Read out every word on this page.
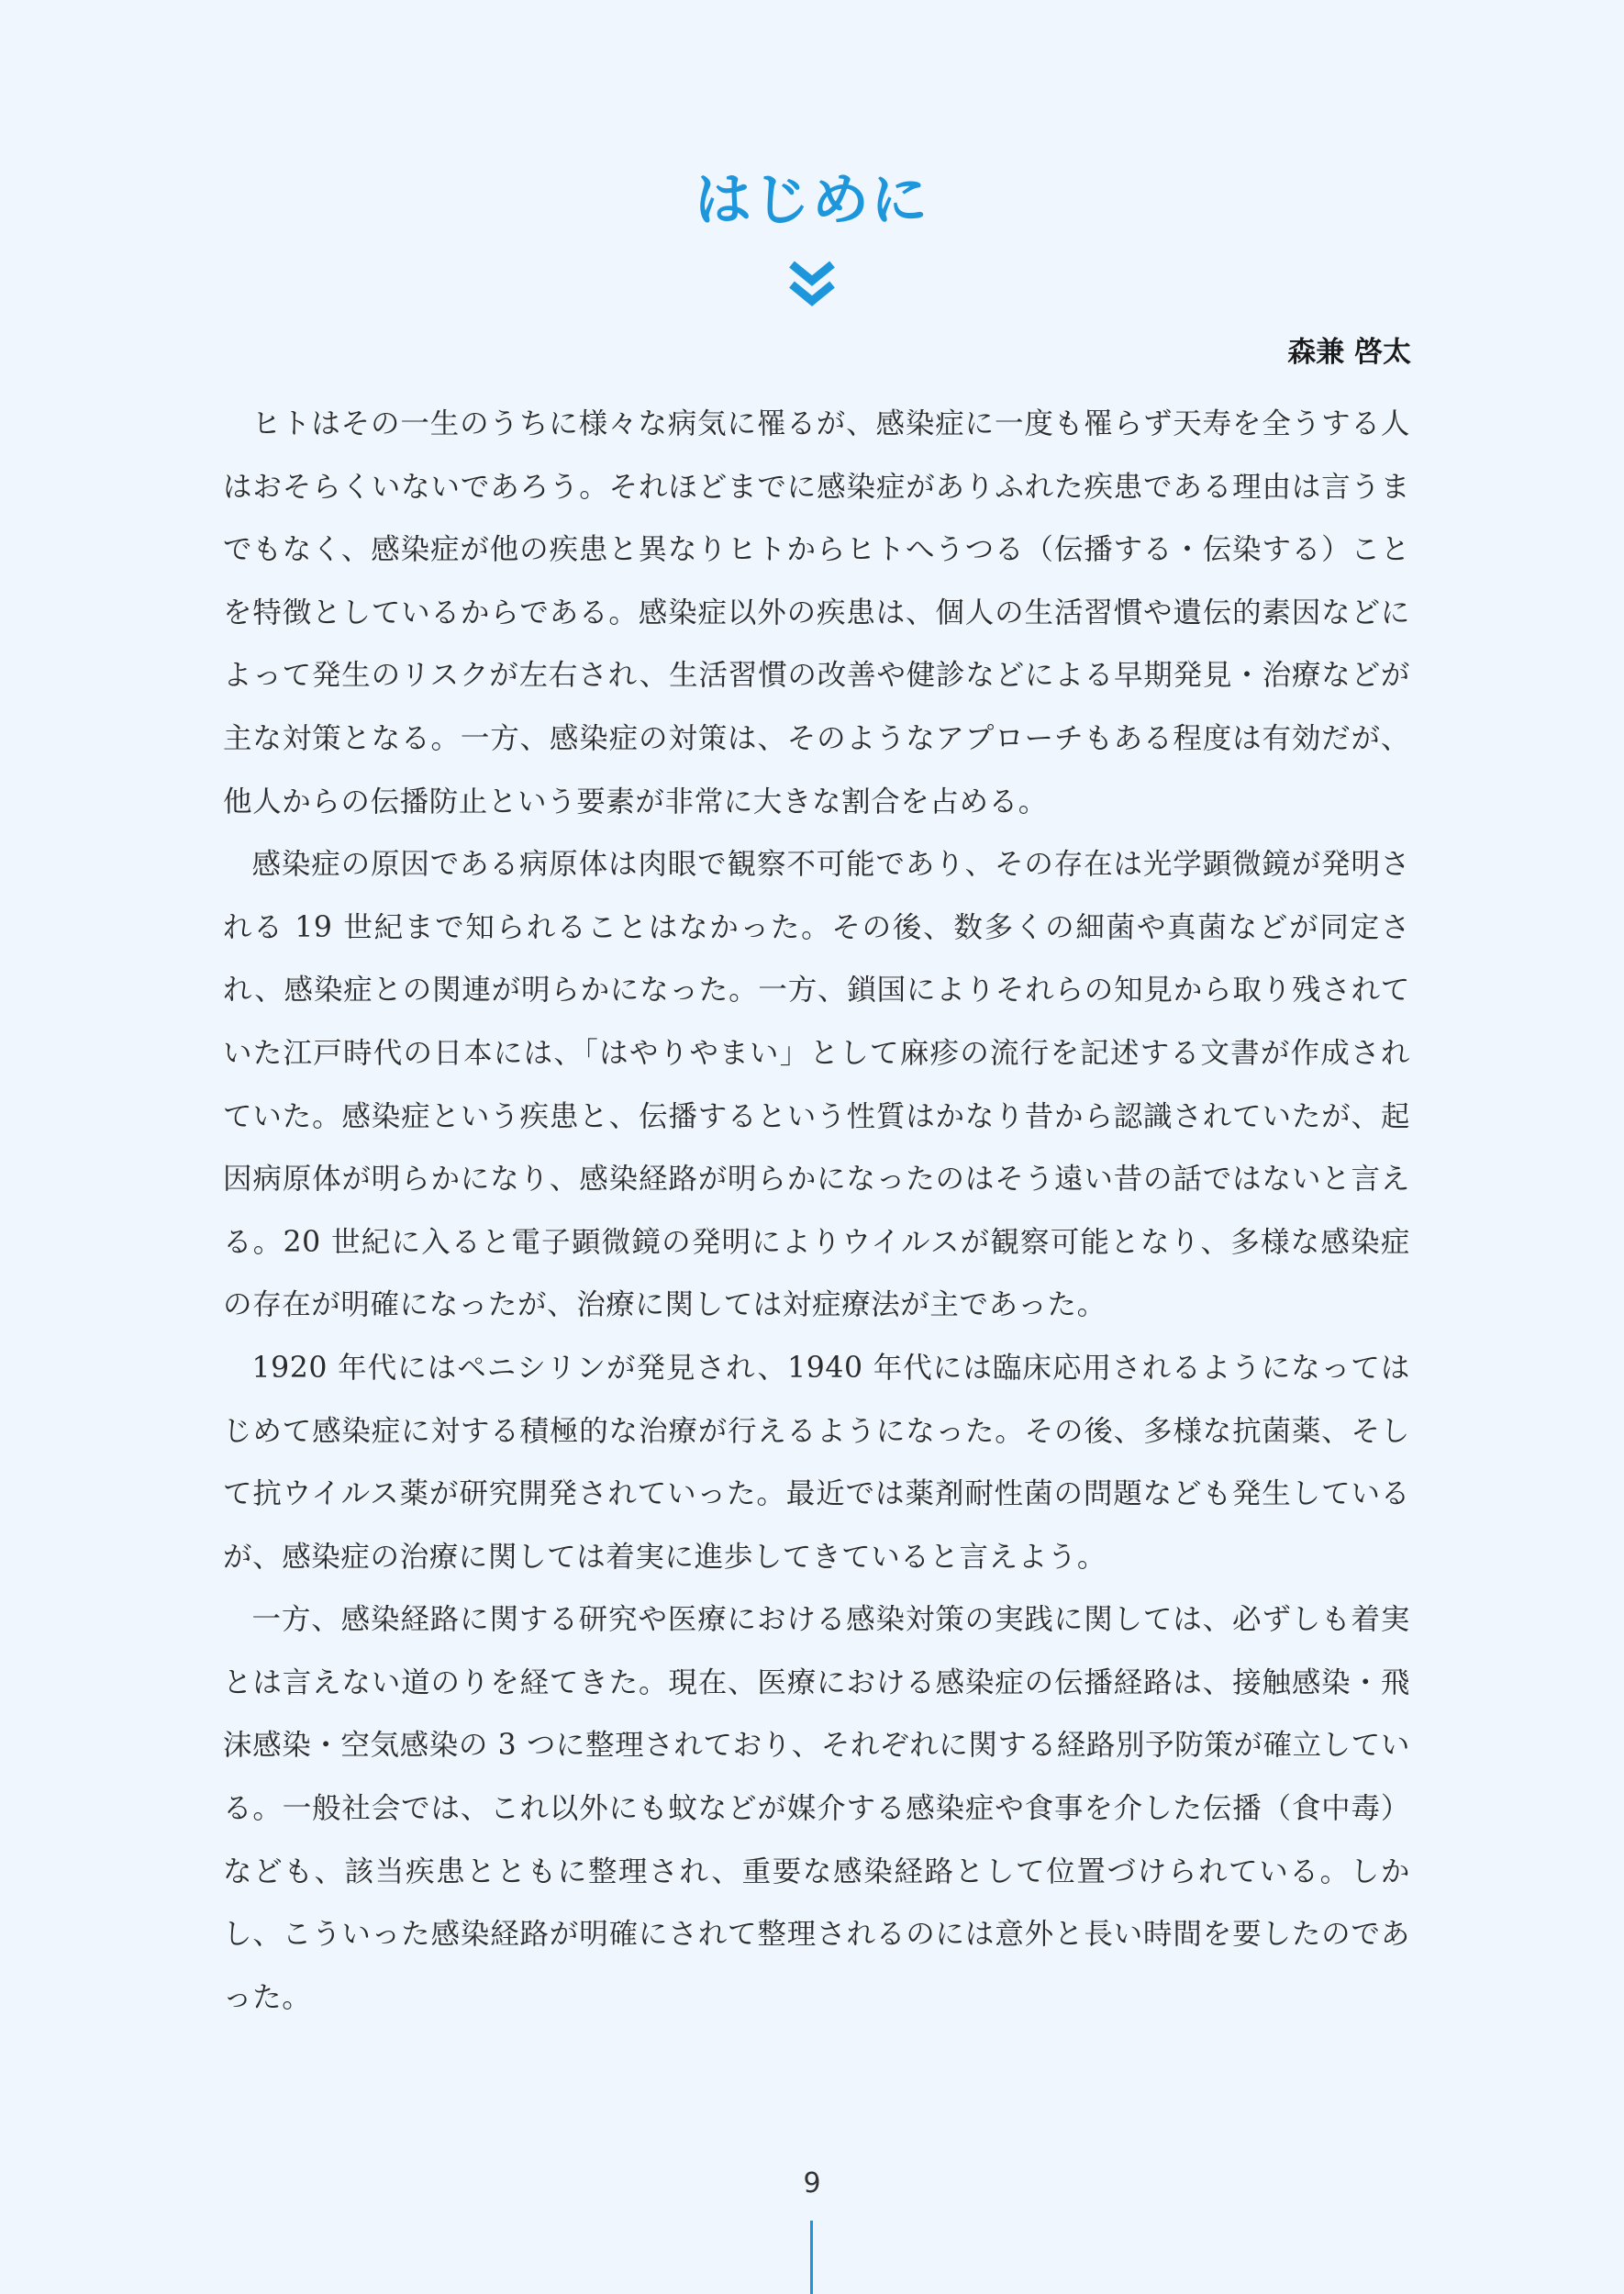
はじめに
森兼 啓太

ヒトはその一生のうちに様々な病気に罹るが、感染症に一度も罹らず天寿を全うする人はおそらくいないであろう。それほどまでに感染症がありふれた疾患である理由は言うまでもなく、感染症が他の疾患と異なりヒトからヒトへうつる（伝播する・伝染する）ことを特徴としているからである。感染症以外の疾患は、個人の生活習慣や遺伝的素因などによって発生のリスクが左右され、生活習慣の改善や健診などによる早期発見・治療などが主な対策となる。一方、感染症の対策は、そのようなアプローチもある程度は有効だが、他人からの伝播防止という要素が非常に大きな割合を占める。

感染症の原因である病原体は肉眼で観察不可能であり、その存在は光学顕微鏡が発明される 19 世紀まで知られることはなかった。その後、数多くの細菌や真菌などが同定され、感染症との関連が明らかになった。一方、鎖国によりそれらの知見から取り残されていた江戸時代の日本には、「はやりやまい」として麻疹の流行を記述する文書が作成されていた。感染症という疾患と、伝播するという性質はかなり昔から認識されていたが、起因病原体が明らかになり、感染経路が明らかになったのはそう遠い昔の話ではないと言える。20 世紀に入ると電子顕微鏡の発明によりウイルスが観察可能となり、多様な感染症の存在が明確になったが、治療に関しては対症療法が主であった。

1920 年代にはペニシリンが発見され、1940 年代には臨床応用されるようになってはじめて感染症に対する積極的な治療が行えるようになった。その後、多様な抗菌薬、そして抗ウイルス薬が研究開発されていった。最近では薬剤耐性菌の問題なども発生しているが、感染症の治療に関しては着実に進歩してきていると言えよう。

一方、感染経路に関する研究や医療における感染対策の実践に関しては、必ずしも着実とは言えない道のりを経てきた。現在、医療における感染症の伝播経路は、接触感染・飛沫感染・空気感染の 3 つに整理されており、それぞれに関する経路別予防策が確立している。一般社会では、これ以外にも蚊などが媒介する感染症や食事を介した伝播（食中毒）なども、該当疾患とともに整理され、重要な感染経路として位置づけられている。しかし、こういった感染経路が明確にされて整理されるのには意外と長い時間を要したのであった。

9
